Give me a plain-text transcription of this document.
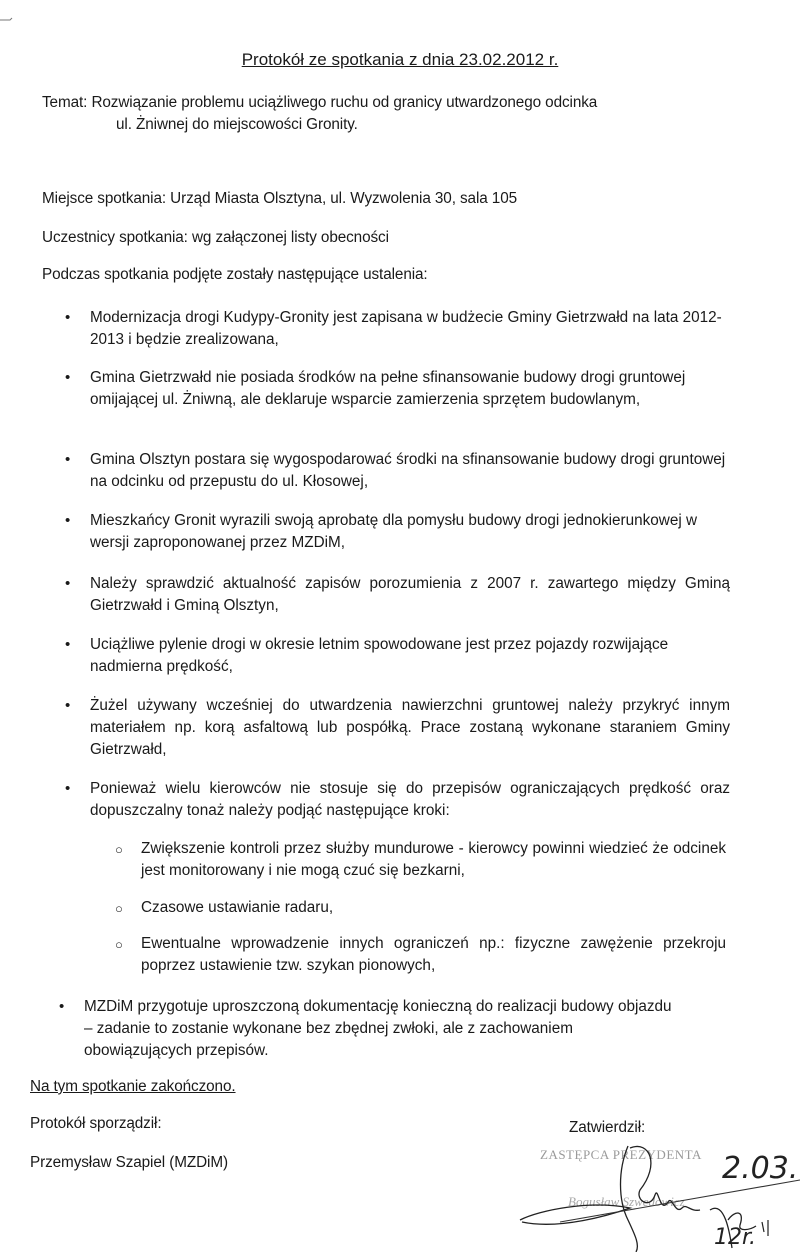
Protokół ze spotkania z dnia 23.02.2012 r.
Temat: Rozwiązanie problemu uciążliwego ruchu od granicy utwardzonego odcinka
ul. Żniwnej do miejscowości Gronity.
Miejsce spotkania: Urząd Miasta Olsztyna, ul. Wyzwolenia 30, sala 105
Uczestnicy spotkania: wg załączonej listy obecności
Podczas spotkania podjęte zostały następujące ustalenia:
• Modernizacja drogi Kudypy-Gronity jest zapisana w budżecie Gminy Gietrzwałd na lata 2012-2013 i będzie zrealizowana,
• Gmina Gietrzwałd nie posiada środków na pełne sfinansowanie budowy drogi gruntowej omijającej ul. Żniwną, ale deklaruje wsparcie zamierzenia sprzętem budowlanym,
• Gmina Olsztyn postara się wygospodarować środki na sfinansowanie budowy drogi gruntowej na odcinku od przepustu do ul. Kłosowej,
• Mieszkańcy Gronit wyrazili swoją aprobatę dla pomysłu budowy drogi jednokierunkowej w wersji zaproponowanej przez MZDiM,
• Należy sprawdzić aktualność zapisów porozumienia z 2007 r. zawartego między Gminą Gietrzwałd i Gminą Olsztyn,
• Uciążliwe pylenie drogi w okresie letnim spowodowane jest przez pojazdy rozwijające nadmierna prędkość,
• Żużel używany wcześniej do utwardzenia nawierzchni gruntowej należy przykryć innym materiałem np. korą asfaltową lub pospółką. Prace zostaną wykonane staraniem Gminy Gietrzwałd,
• Ponieważ wielu kierowców nie stosuje się do przepisów ograniczających prędkość oraz dopuszczalny tonaż należy podjąć następujące kroki:
○ Zwiększenie kontroli przez służby mundurowe - kierowcy powinni wiedzieć że odcinek jest monitorowany i nie mogą czuć się bezkarni,
○ Czasowe ustawianie radaru,
○ Ewentualne wprowadzenie innych ograniczeń np.: fizyczne zawężenie przekroju poprzez ustawienie tzw. szykan pionowych,
• MZDiM przygotuje uproszczoną dokumentację konieczną do realizacji budowy objazdu – zadanie to zostanie wykonane bez zbędnej zwłoki, ale z zachowaniem obowiązujących przepisów.
Na tym spotkanie zakończono.
Protokół sporządził:
Przemysław Szapiel (MZDiM)
Zatwierdził:
ZASTĘPCA PREZYDENTA
Bogusław Szwedowicz
2.03.
12r.
